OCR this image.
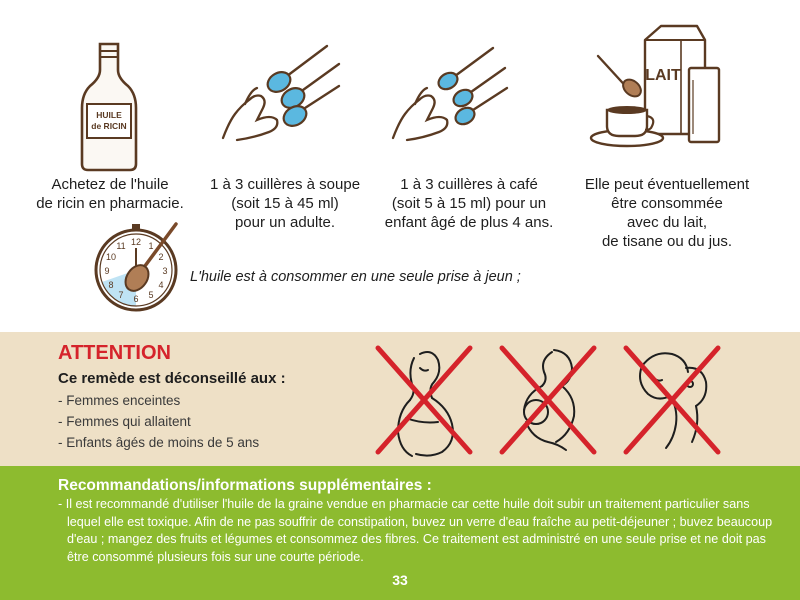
HUILE
de RICIN
LAIT
Achetez de l'huile
de ricin en pharmacie.
1 à 3 cuillères à soupe
(soit 15 à 45 ml)
pour un adulte.
1 à 3 cuillères à café
(soit 5 à 15 ml) pour un
enfant âgé de plus 4 ans.
Elle peut éventuellement
être consommée
avec du lait,
de tisane ou du jus.
12 1
2
3
4
5
6
7
8
9
10
11
L'huile est à consommer en une seule prise à jeun ;
ATTENTION
Ce remède est déconseillé aux :
- Femmes enceintes
- Femmes qui allaitent
- Enfants âgés de moins de 5 ans
Recommandations/informations supplémentaires :

- Il est recommandé d'utiliser l'huile de la graine vendue en pharmacie car cette huile doit subir un traitement particulier sans lequel elle est toxique. Afin de ne pas souffrir de constipation, buvez un verre d'eau fraîche au petit-déjeuner ; buvez beaucoup d'eau ; mangez des fruits et légumes et consommez des fibres. Ce traitement est administré en une seule prise et ne doit pas être consommé plusieurs fois sur une courte période.

33
